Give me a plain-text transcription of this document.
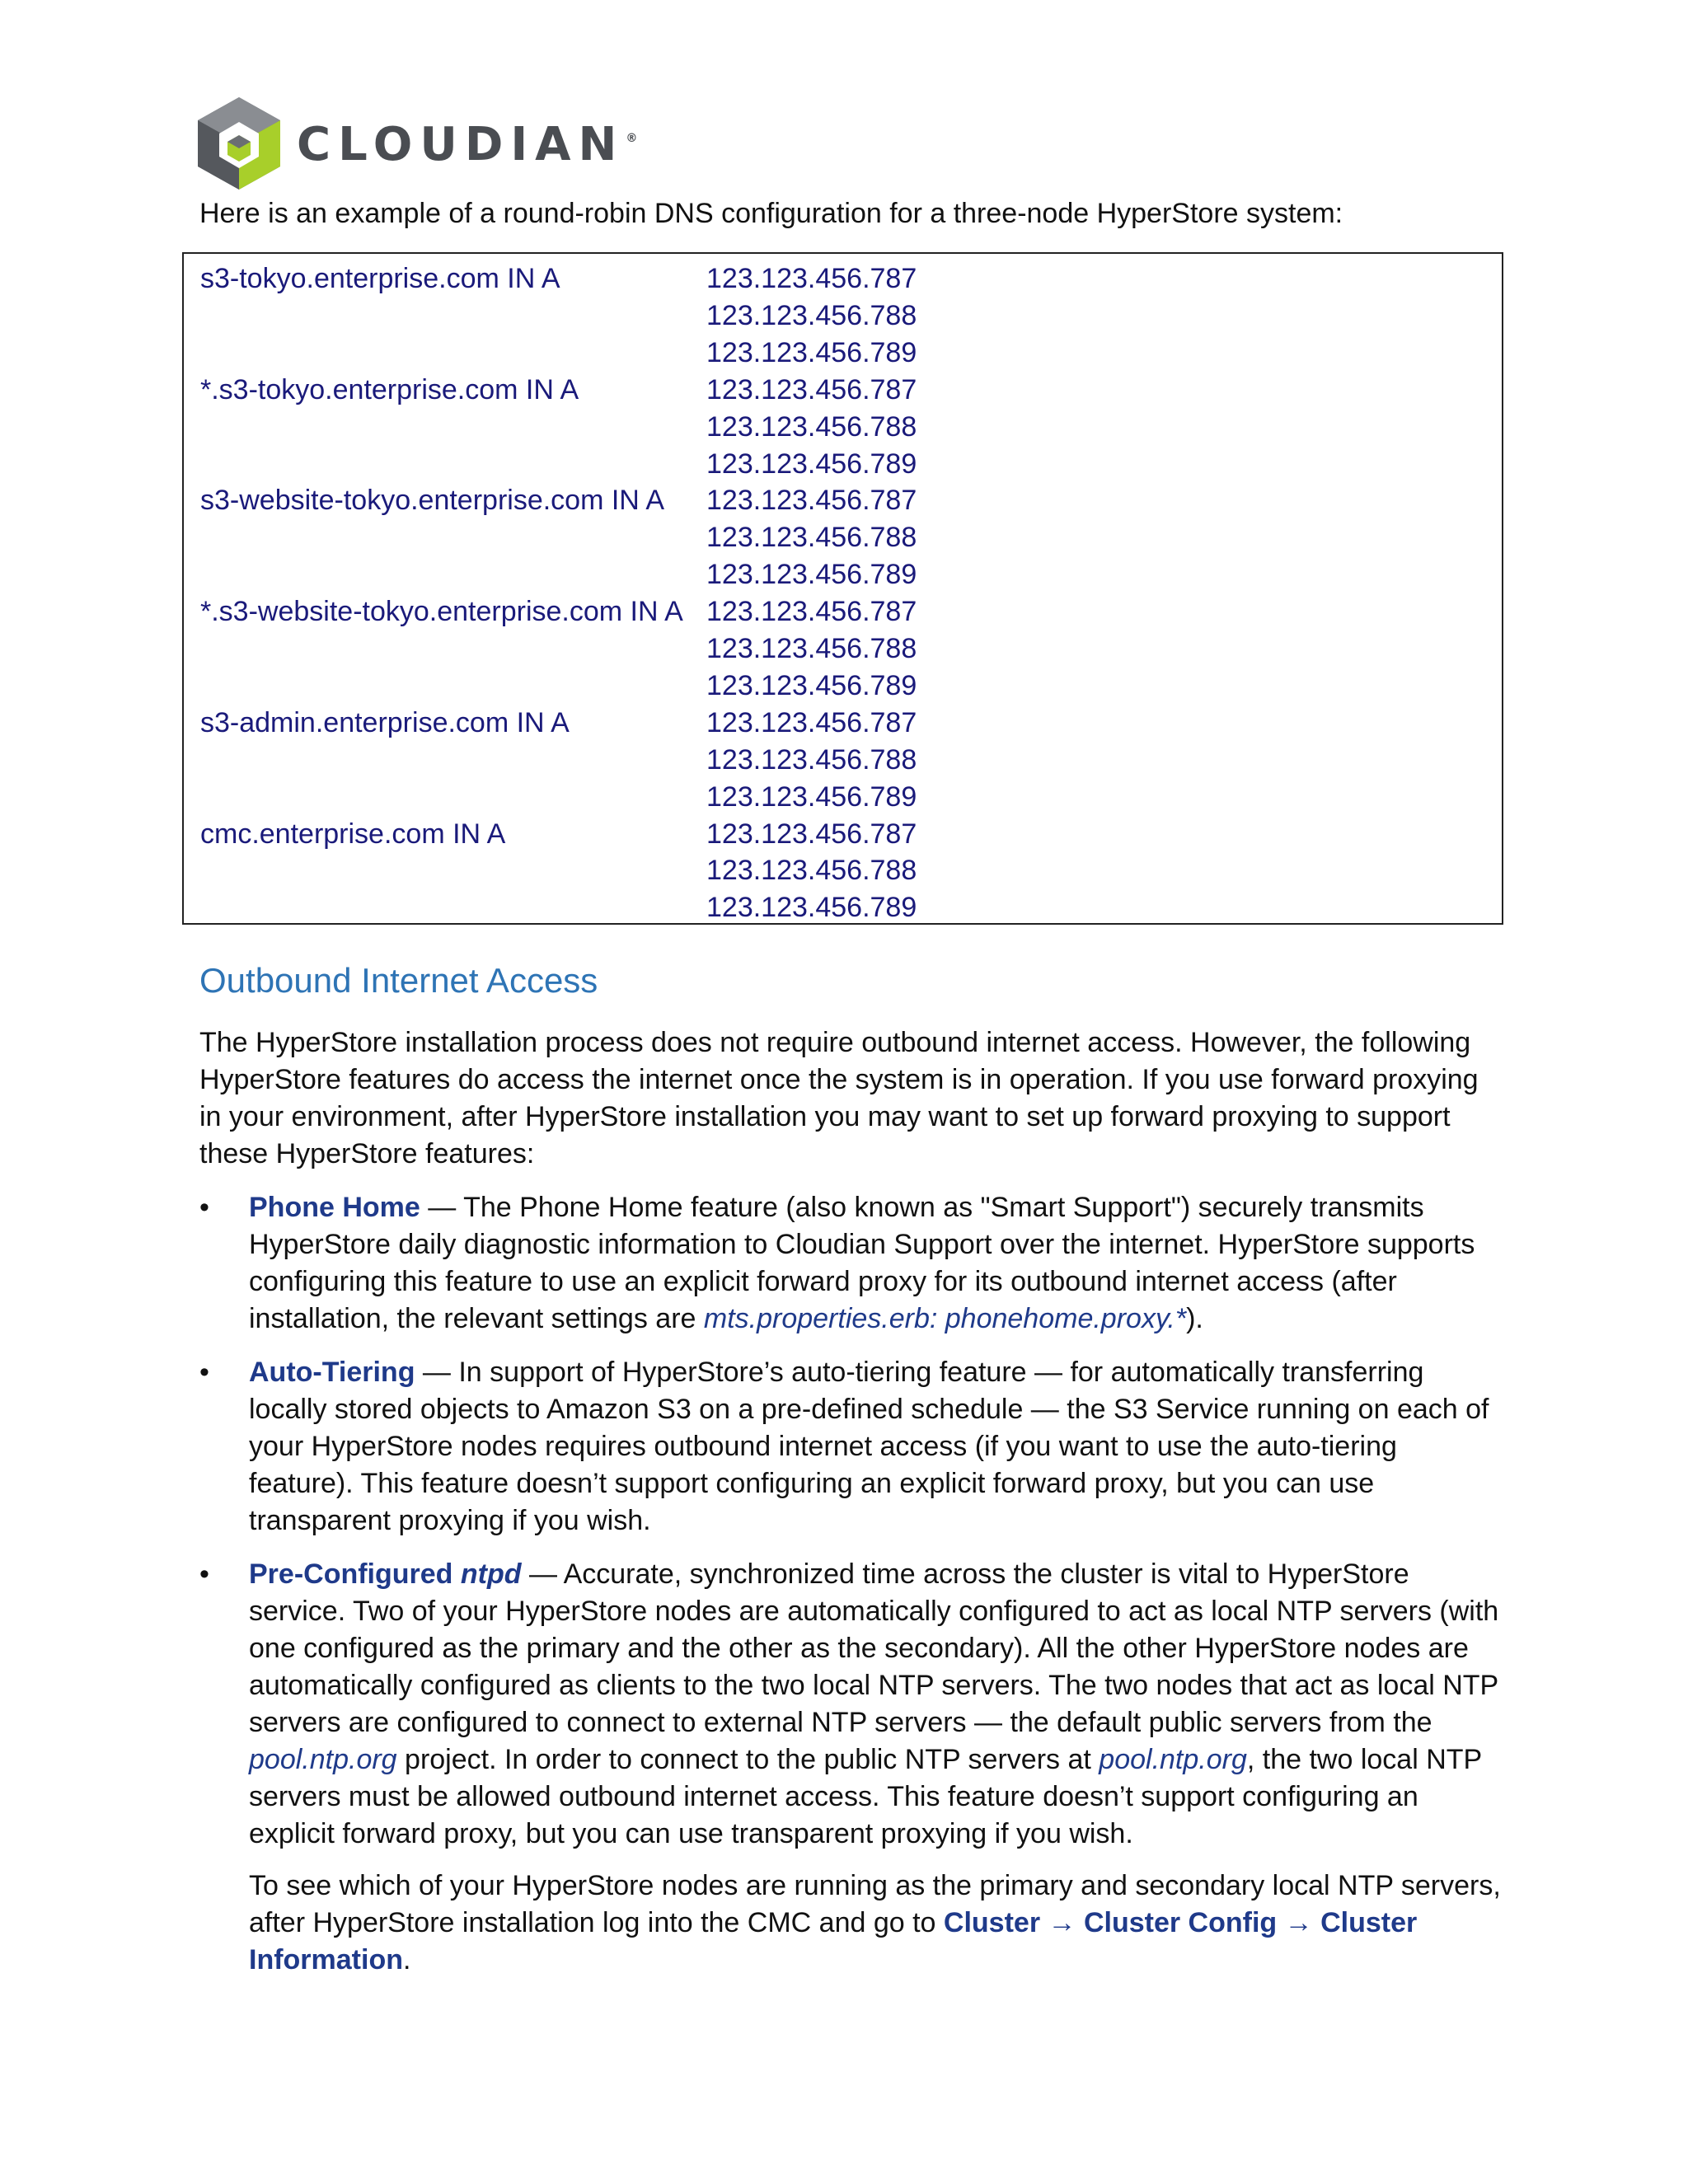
CLOUDIAN ®
Here is an example of a round-robin DNS configuration for a three-node HyperStore system:
s3-tokyo.enterprise.com IN A	123.123.456.787
123.123.456.788
123.123.456.789
*.s3-tokyo.enterprise.com IN A	123.123.456.787
123.123.456.788
123.123.456.789
s3-website-tokyo.enterprise.com IN A 123.123.456.787
123.123.456.788
123.123.456.789
*.s3-website-tokyo.enterprise.com IN A 123.123.456.787
123.123.456.788
123.123.456.789
s3-admin.enterprise.com IN A	123.123.456.787
123.123.456.788
123.123.456.789
cmc.enterprise.com IN A	123.123.456.787
123.123.456.788
123.123.456.789
Outbound Internet Access
The HyperStore installation process does not require outbound internet access. However, the following HyperStore features do access the internet once the system is in operation. If you use forward proxying in your environment, after HyperStore installation you may want to set up forward proxying to support these HyperStore features:
•	Phone Home — The Phone Home feature (also known as "Smart Support") securely transmits HyperStore daily diagnostic information to Cloudian Support over the internet. HyperStore supports configuring this feature to use an explicit forward proxy for its outbound internet access (after installation, the relevant settings are mts.properties.erb: phonehome.proxy.*).
•	Auto-Tiering — In support of HyperStore’s auto-tiering feature — for automatically transferring locally stored objects to Amazon S3 on a pre-defined schedule — the S3 Service running on each of your HyperStore nodes requires outbound internet access (if you want to use the auto-tiering feature). This feature doesn’t support configuring an explicit forward proxy, but you can use transparent proxying if you wish.
•	Pre-Configured ntpd — Accurate, synchronized time across the cluster is vital to HyperStore service. Two of your HyperStore nodes are automatically configured to act as local NTP servers (with one configured as the primary and the other as the secondary). All the other HyperStore nodes are automatically configured as clients to the two local NTP servers. The two nodes that act as local NTP servers are configured to connect to external NTP servers — the default public servers from the pool.ntp.org project. In order to connect to the public NTP servers at pool.ntp.org, the two local NTP servers must be allowed outbound internet access. This feature doesn’t support configuring an explicit forward proxy, but you can use transparent proxying if you wish.
To see which of your HyperStore nodes are running as the primary and secondary local NTP servers, after HyperStore installation log into the CMC and go to Cluster → Cluster Config → Cluster Information.
